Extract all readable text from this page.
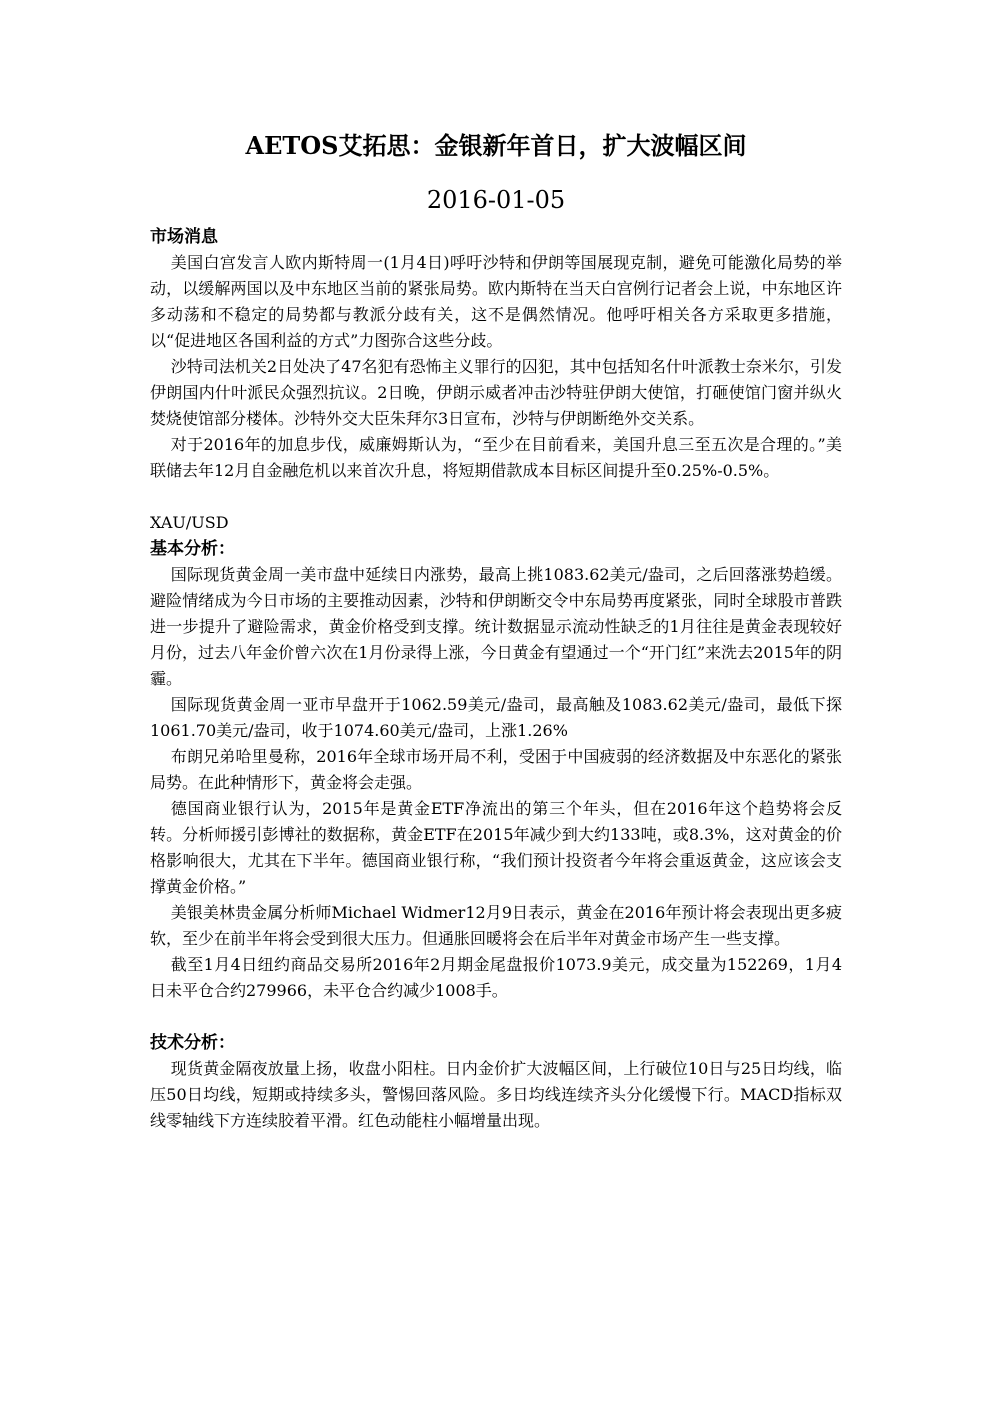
AETOS艾拓思：金银新年首日，扩大波幅区间
2016-01-05
市场消息

美国白宫发言人欧内斯特周一(1月4日)呼吁沙特和伊朗等国展现克制，避免可能激化局势的举动，以缓解两国以及中东地区当前的紧张局势。欧内斯特在当天白宫例行记者会上说，中东地区许多动荡和不稳定的局势都与教派分歧有关，这不是偶然情况。他呼吁相关各方采取更多措施，以“促进地区各国利益的方式”力图弥合这些分歧。

沙特司法机关2日处决了47名犯有恐怖主义罪行的囚犯，其中包括知名什叶派教士奈米尔，引发伊朗国内什叶派民众强烈抗议。2日晚，伊朗示威者冲击沙特驻伊朗大使馆，打砸使馆门窗并纵火焚烧使馆部分楼体。沙特外交大臣朱拜尔3日宣布，沙特与伊朗断绝外交关系。

对于2016年的加息步伐，威廉姆斯认为，“至少在目前看来，美国升息三至五次是合理的。”美联储去年12月自金融危机以来首次升息，将短期借款成本目标区间提升至0.25%-0.5%。

XAU/USD
基本分析：

国际现货黄金周一美市盘中延续日内涨势，最高上挑1083.62美元/盎司，之后回落涨势趋缓。避险情绪成为今日市场的主要推动因素，沙特和伊朗断交令中东局势再度紧张，同时全球股市普跌进一步提升了避险需求，黄金价格受到支撑。统计数据显示流动性缺乏的1月往往是黄金表现较好月份，过去八年金价曾六次在1月份录得上涨，今日黄金有望通过一个“开门红”来洗去2015年的阴霾。

国际现货黄金周一亚市早盘开于1062.59美元/盎司，最高触及1083.62美元/盎司，最低下探1061.70美元/盎司，收于1074.60美元/盎司，上涨1.26%

布朗兄弟哈里曼称，2016年全球市场开局不利，受困于中国疲弱的经济数据及中东恶化的紧张局势。在此种情形下，黄金将会走强。

德国商业银行认为，2015年是黄金ETF净流出的第三个年头，但在2016年这个趋势将会反转。分析师援引彭博社的数据称，黄金ETF在2015年减少到大约133吨，或8.3%，这对黄金的价格影响很大，尤其在下半年。德国商业银行称，“我们预计投资者今年将会重返黄金，这应该会支撑黄金价格。”

美银美林贵金属分析师Michael Widmer12月9日表示，黄金在2016年预计将会表现出更多疲软，至少在前半年将会受到很大压力。但通胀回暖将会在后半年对黄金市场产生一些支撑。

截至1月4日纽约商品交易所2016年2月期金尾盘报价1073.9美元，成交量为152269，1月4日未平仓合约279966，未平仓合约减少1008手。

技术分析：

现货黄金隔夜放量上扬，收盘小阳柱。日内金价扩大波幅区间，上行破位10日与25日均线，临压50日均线，短期或持续多头，警惕回落风险。多日均线连续齐头分化缓慢下行。MACD指标双线零轴线下方连续胶着平滑。红色动能柱小幅增量出现。
